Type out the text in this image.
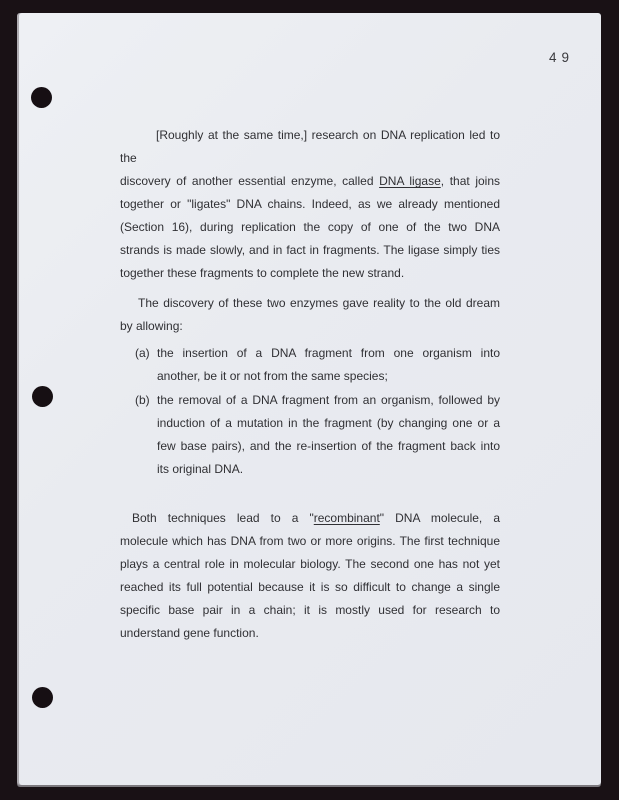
49
[Roughly at the same time,] research on DNA replication led to the
discovery of another essential enzyme, called DNA ligase, that joins
together or "ligates" DNA chains. Indeed, as we already mentioned
(Section 16), during replication the copy of one of the two DNA
strands is made slowly, and in fact in fragments. The ligase simply ties
together these fragments to complete the new strand.
The discovery of these two enzymes gave reality to the old dream
by allowing:
(a) the insertion of a DNA fragment from one organism into
another, be it or not from the same species;
(b) the removal of a DNA fragment from an organism, followed by
induction of a mutation in the fragment (by changing one or a
few base pairs), and the re-insertion of the fragment back into
its original DNA.
Both techniques lead to a "recombinant" DNA molecule, a
molecule which has DNA from two or more origins. The first technique
plays a central role in molecular biology. The second one has not yet
reached its full potential because it is so difficult to change a single
specific base pair in a chain; it is mostly used for research to
understand gene function.
